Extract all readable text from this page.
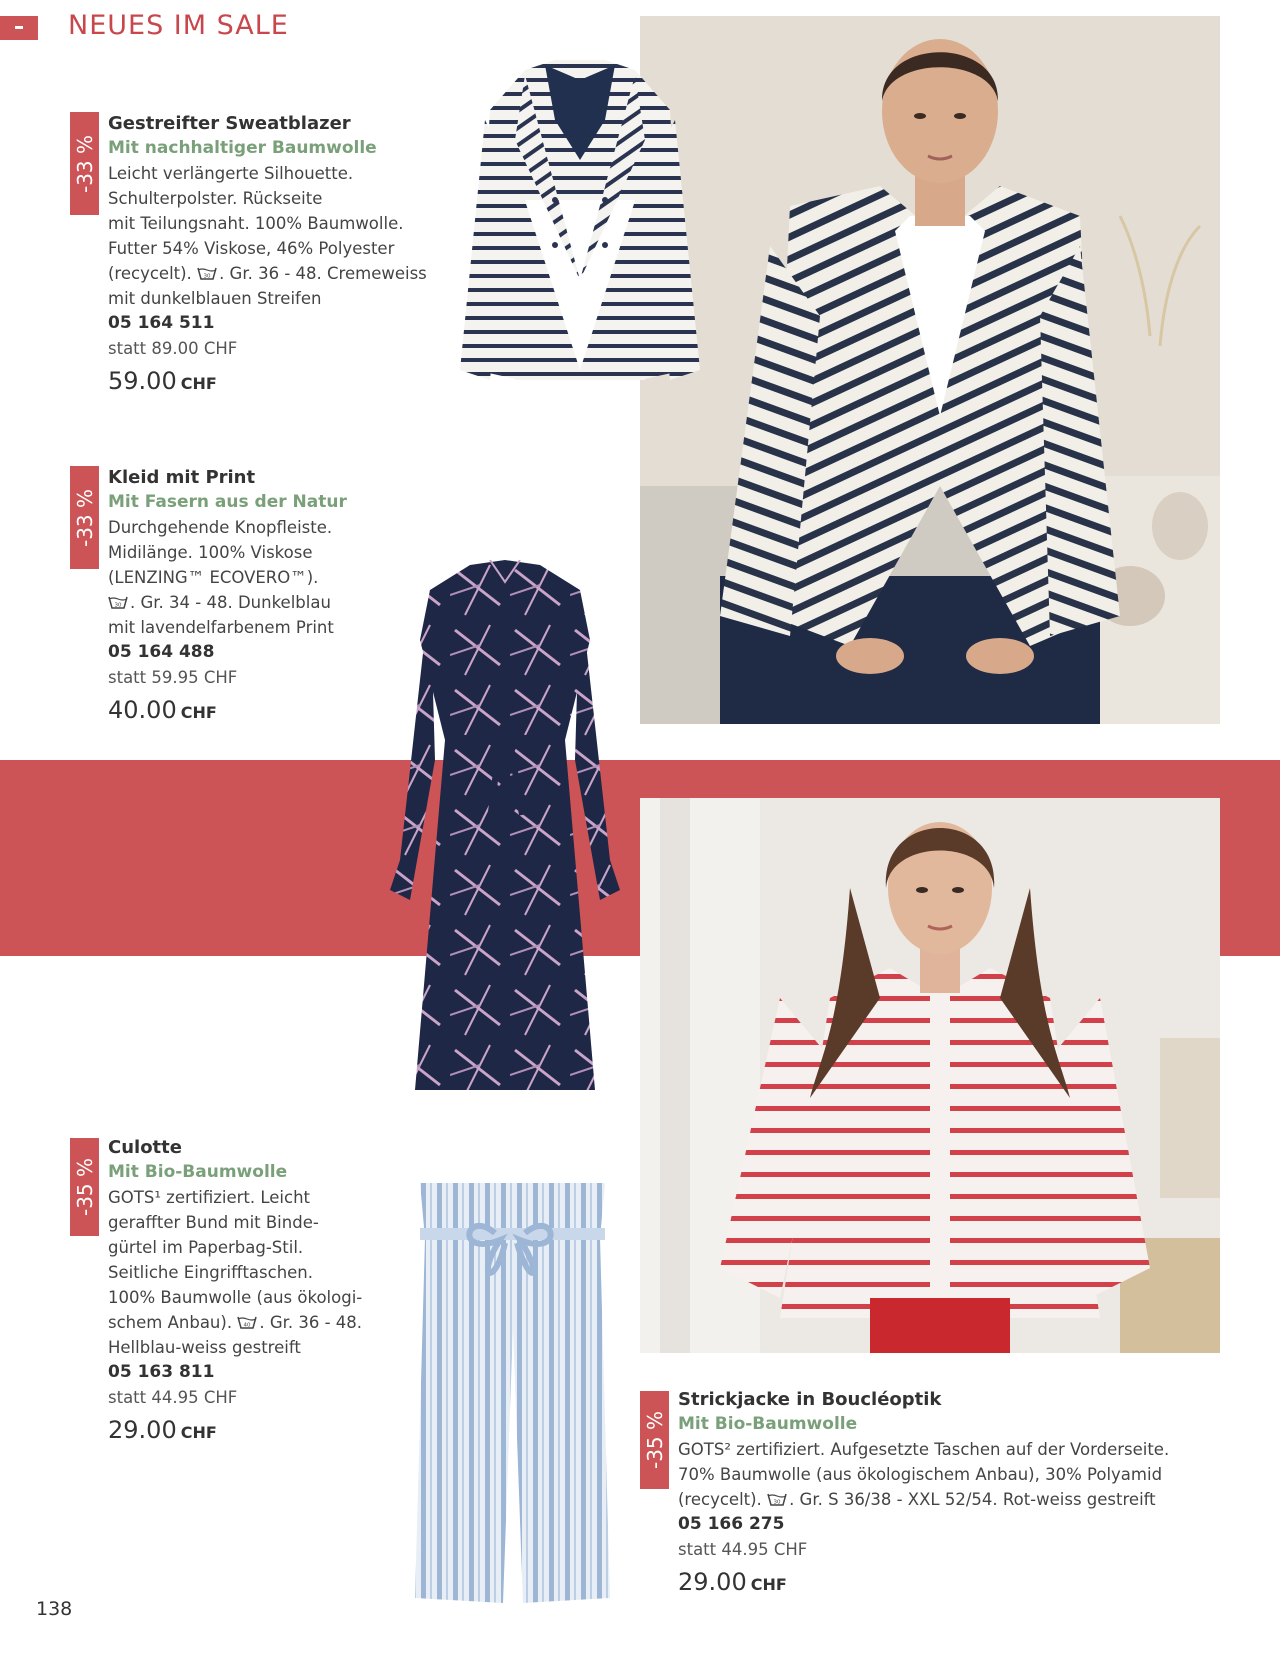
NEUES IM SALE
-33 %
Gestreifter Sweatblazer
Mit nachhaltiger Baumwolle
Leicht verlängerte Silhouette.
Schulterpolster. Rückseite
mit Teilungsnaht. 100% Baumwolle.
Futter 54% Viskose, 46% Polyester
(recycelt). 30 . Gr. 36 - 48. Cremeweiss
mit dunkelblauen Streifen
05 164 511
statt 89.00 CHF
59.00 CHF
-33 %
Kleid mit Print
Mit Fasern aus der Natur
Durchgehende Knopfleiste.
Midilänge. 100% Viskose
(LENZING™ ECOVERO™).
30 . Gr. 34 - 48. Dunkelblau
mit lavendelfarbenem Print
05 164 488
statt 59.95 CHF
40.00 CHF
-35 %
Culotte
Mit Bio-Baumwolle
GOTS¹ zertifiziert. Leicht
geraffter Bund mit Binde-
gürtel im Paperbag-Stil.
Seitliche Eingrifftaschen.
100% Baumwolle (aus ökologi-
schem Anbau). 40 . Gr. 36 - 48.
Hellblau-weiss gestreift
05 163 811
statt 44.95 CHF
29.00 CHF	-35 %
Strickjacke in Boucléoptik
Mit Bio-Baumwolle
GOTS² zertifiziert. Aufgesetzte Taschen auf der Vorderseite.
70% Baumwolle (aus ökologischem Anbau), 30% Polyamid
(recycelt). 30 . Gr. S 36/38 - XXL 52/54. Rot-weiss gestreift
05 166 275
statt 44.95 CHF
29.00 CHF
138
